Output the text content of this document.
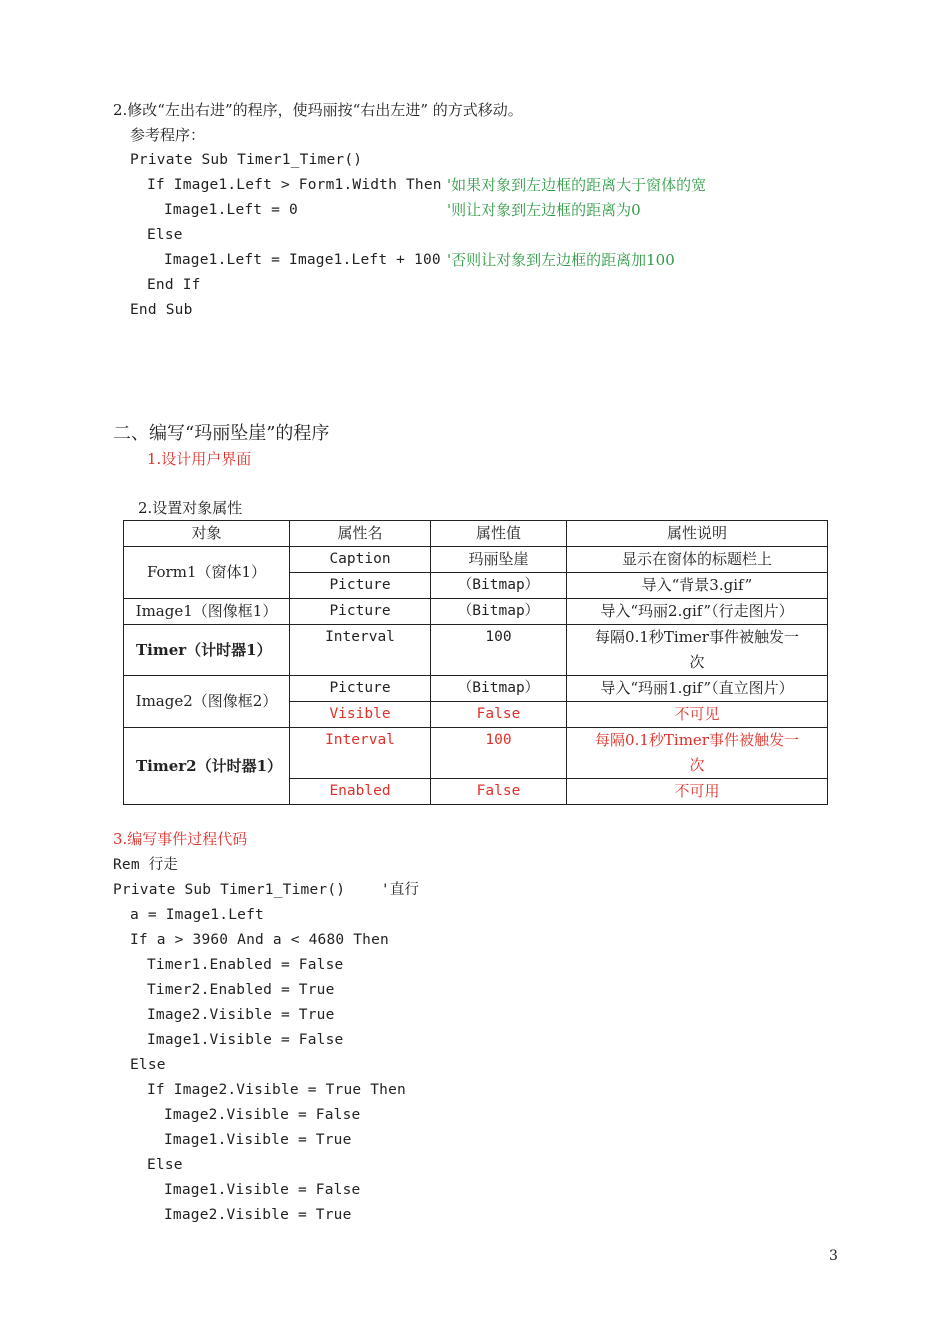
2.修改“左出右进”的程序，使玛丽按“右出左进” 的方式移动。
参考程序：
Private Sub Timer1_Timer()
If Image1.Left > Form1.Width Then '如果对象到左边框的距离大于窗体的宽
Image1.Left = 0	'则让对象到左边框的距离为0
Else
Image1.Left = Image1.Left + 100 '否则让对象到左边框的距离加100
End If
End Sub
二、编写“玛丽坠崖”的程序
1.设计用户界面
2.设置对象属性
对象	属性名	属性值	属性说明
Form1（窗体1）	Caption	玛丽坠崖	显示在窗体的标题栏上
	Picture	（Bitmap）	导入“背景3.gif”
Image1（图像框1）	Picture	（Bitmap）	导入“玛丽2.gif”（行走图片）
Timer（计时器1）	Interval	100	每隔0.1秒Timer事件被触发一
次
Image2（图像框2）	Picture	（Bitmap）	导入“玛丽1.gif”（直立图片）
	Visible	False	不可见
Timer2（计时器1）	Interval	100	每隔0.1秒Timer事件被触发一
次
	Enabled	False	不可用
3.编写事件过程代码
Rem 行走
Private Sub Timer1_Timer()    '直行
a = Image1.Left
If a > 3960 And a < 4680 Then
Timer1.Enabled = False
Timer2.Enabled = True
Image2.Visible = True
Image1.Visible = False
Else
If Image2.Visible = True Then
Image2.Visible = False
Image1.Visible = True
Else
Image1.Visible = False
Image2.Visible = True
3
